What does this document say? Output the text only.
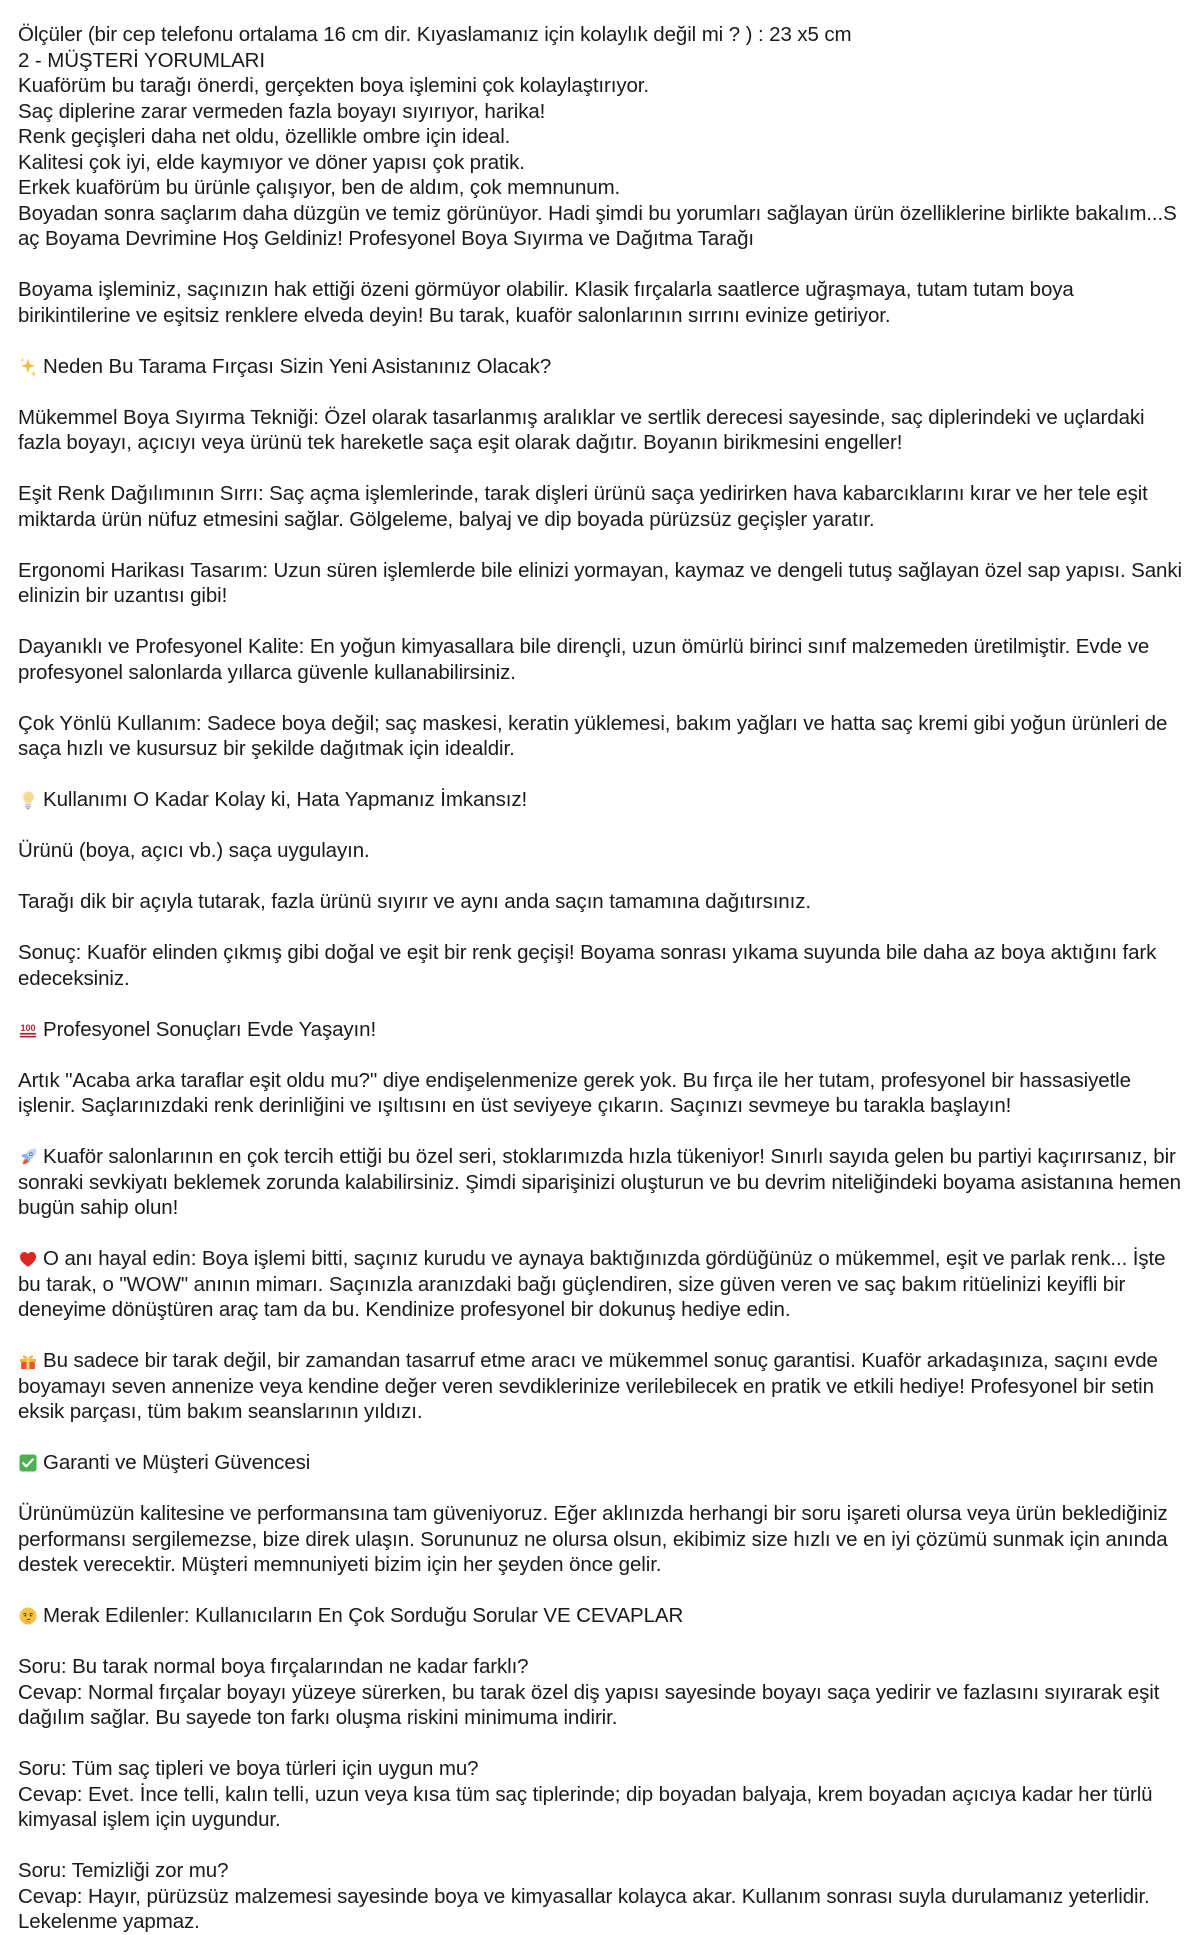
Ölçüler (bir cep telefonu ortalama 16 cm dir. Kıyaslamanız için kolaylık değil mi ? ) : 23 x5 cm
2 - MÜŞTERİ YORUMLARI
Kuaförüm bu tarağı önerdi, gerçekten boya işlemini çok kolaylaştırıyor.
Saç diplerine zarar vermeden fazla boyayı sıyırıyor, harika!
Renk geçişleri daha net oldu, özellikle ombre için ideal.
Kalitesi çok iyi, elde kaymıyor ve döner yapısı çok pratik.
Erkek kuaförüm bu ürünle çalışıyor, ben de aldım, çok memnunum.
Boyadan sonra saçlarım daha düzgün ve temiz görünüyor. Hadi şimdi bu yorumları sağlayan ürün özelliklerine birlikte bakalım...S
aç Boyama Devrimine Hoş Geldiniz! Profesyonel Boya Sıyırma ve Dağıtma Tarağı

Boyama işleminiz, saçınızın hak ettiği özeni görmüyor olabilir. Klasik fırçalarla saatlerce uğraşmaya, tutam tutam boya birikintilerine ve eşitsiz renklere elveda deyin! Bu tarak, kuaför salonlarının sırrını evinize getiriyor.

Neden Bu Tarama Fırçası Sizin Yeni Asistanınız Olacak?

Mükemmel Boya Sıyırma Tekniği: Özel olarak tasarlanmış aralıklar ve sertlik derecesi sayesinde, saç diplerindeki ve uçlardaki fazla boyayı, açıcıyı veya ürünü tek hareketle saça eşit olarak dağıtır. Boyanın birikmesini engeller!

Eşit Renk Dağılımının Sırrı: Saç açma işlemlerinde, tarak dişleri ürünü saça yedirirken hava kabarcıklarını kırar ve her tele eşit miktarda ürün nüfuz etmesini sağlar. Gölgeleme, balyaj ve dip boyada pürüzsüz geçişler yaratır.

Ergonomi Harikası Tasarım: Uzun süren işlemlerde bile elinizi yormayan, kaymaz ve dengeli tutuş sağlayan özel sap yapısı. Sanki elinizin bir uzantısı gibi!

Dayanıklı ve Profesyonel Kalite: En yoğun kimyasallara bile dirençli, uzun ömürlü birinci sınıf malzemeden üretilmiştir. Evde ve profesyonel salonlarda yıllarca güvenle kullanabilirsiniz.

Çok Yönlü Kullanım: Sadece boya değil; saç maskesi, keratin yüklemesi, bakım yağları ve hatta saç kremi gibi yoğun ürünleri de saça hızlı ve kusursuz bir şekilde dağıtmak için idealdir.

Kullanımı O Kadar Kolay ki, Hata Yapmanız İmkansız!

Ürünü (boya, açıcı vb.) saça uygulayın.

Tarağı dik bir açıyla tutarak, fazla ürünü sıyırır ve aynı anda saçın tamamına dağıtırsınız.

Sonuç: Kuaför elinden çıkmış gibi doğal ve eşit bir renk geçişi! Boyama sonrası yıkama suyunda bile daha az boya aktığını fark edeceksiniz.

100 Profesyonel Sonuçları Evde Yaşayın!

Artık "Acaba arka taraflar eşit oldu mu?" diye endişelenmenize gerek yok. Bu fırça ile her tutam, profesyonel bir hassasiyetle işlenir. Saçlarınızdaki renk derinliğini ve ışıltısını en üst seviyeye çıkarın. Saçınızı sevmeye bu tarakla başlayın!

Kuaför salonlarının en çok tercih ettiği bu özel seri, stoklarımızda hızla tükeniyor! Sınırlı sayıda gelen bu partiyi kaçırırsanız, bir sonraki sevkiyatı beklemek zorunda kalabilirsiniz. Şimdi siparişinizi oluşturun ve bu devrim niteliğindeki boyama asistanına hemen bugün sahip olun!

O anı hayal edin: Boya işlemi bitti, saçınız kurudu ve aynaya baktığınızda gördüğünüz o mükemmel, eşit ve parlak renk... İşte bu tarak, o "WOW" anının mimarı. Saçınızla aranızdaki bağı güçlendiren, size güven veren ve saç bakım ritüelinizi keyifli bir deneyime dönüştüren araç tam da bu. Kendinize profesyonel bir dokunuş hediye edin.

Bu sadece bir tarak değil, bir zamandan tasarruf etme aracı ve mükemmel sonuç garantisi. Kuaför arkadaşınıza, saçını evde boyamayı seven annenize veya kendine değer veren sevdiklerinize verilebilecek en pratik ve etkili hediye! Profesyonel bir setin eksik parçası, tüm bakım seanslarının yıldızı.

Garanti ve Müşteri Güvencesi

Ürünümüzün kalitesine ve performansına tam güveniyoruz. Eğer aklınızda herhangi bir soru işareti olursa veya ürün beklediğiniz performansı sergilemezse, bize direk ulaşın. Sorununuz ne olursa olsun, ekibimiz size hızlı ve en iyi çözümü sunmak için anında destek verecektir. Müşteri memnuniyeti bizim için her şeyden önce gelir.

Merak Edilenler: Kullanıcıların En Çok Sorduğu Sorular VE CEVAPLAR

Soru: Bu tarak normal boya fırçalarından ne kadar farklı?
Cevap: Normal fırçalar boyayı yüzeye sürerken, bu tarak özel diş yapısı sayesinde boyayı saça yedirir ve fazlasını sıyırarak eşit dağılım sağlar. Bu sayede ton farkı oluşma riskini minimuma indirir.
Soru: Tüm saç tipleri ve boya türleri için uygun mu?
Cevap: Evet. İnce telli, kalın telli, uzun veya kısa tüm saç tiplerinde; dip boyadan balyaja, krem boyadan açıcıya kadar her türlü kimyasal işlem için uygundur.
Soru: Temizliği zor mu?
Cevap: Hayır, pürüzsüz malzemesi sayesinde boya ve kimyasallar kolayca akar. Kullanım sonrası suyla durulamanız yeterlidir. Lekelenme yapmaz.
